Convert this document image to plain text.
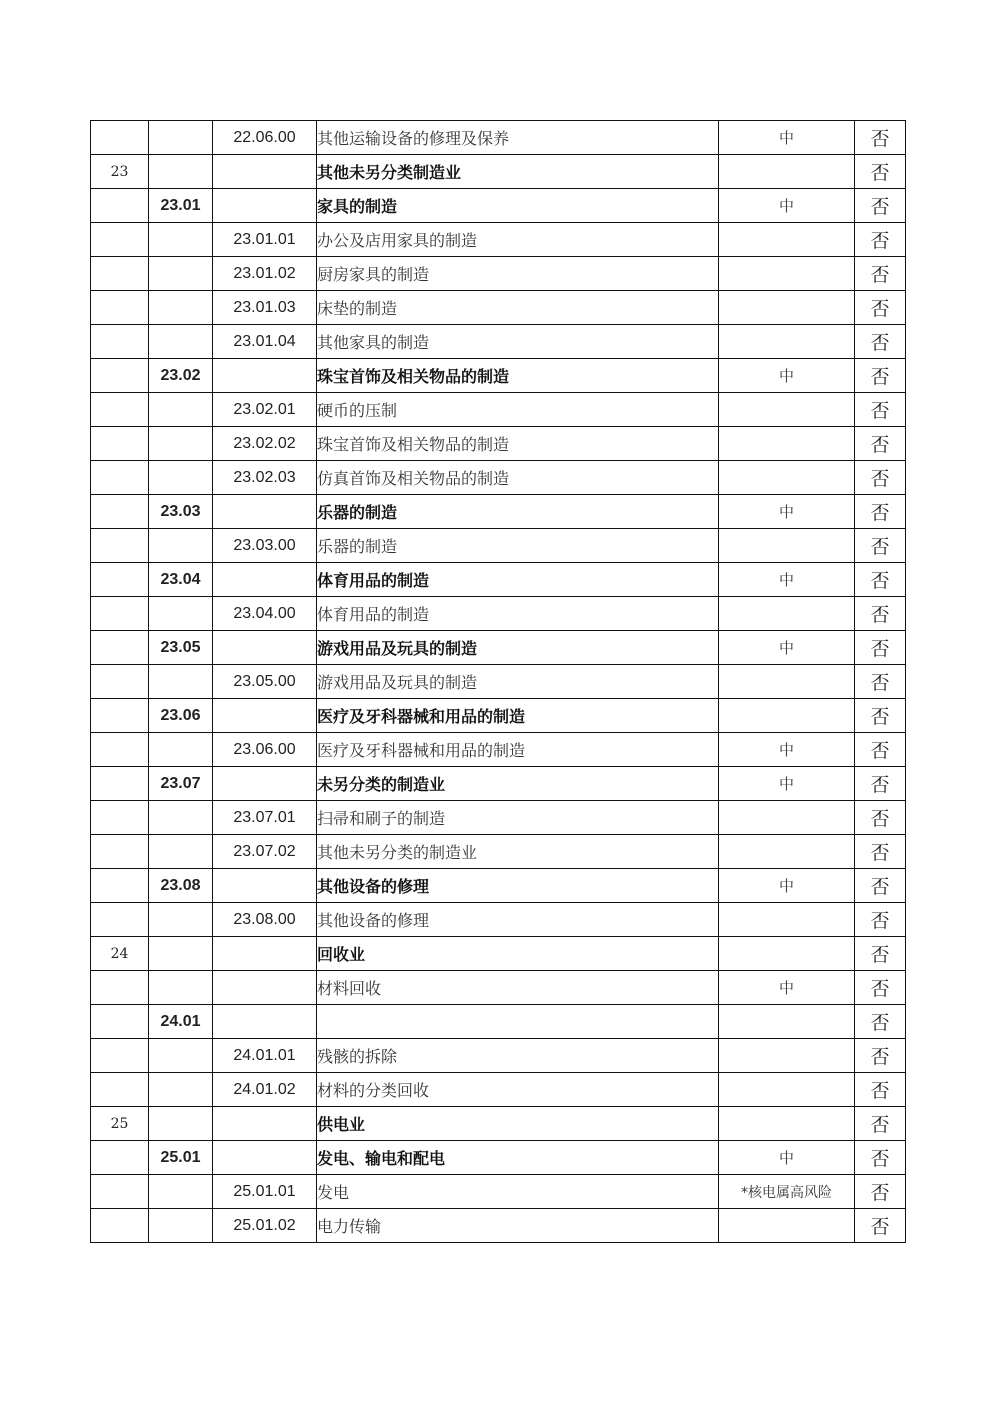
		22.06.00	其他运输设备的修理及保养	中	否
23			其他未另分类制造业		否
	23.01		家具的制造	中	否
		23.01.01	办公及店用家具的制造		否
		23.01.02	厨房家具的制造		否
		23.01.03	床垫的制造		否
		23.01.04	其他家具的制造		否
	23.02		珠宝首饰及相关物品的制造	中	否
		23.02.01	硬币的压制		否
		23.02.02	珠宝首饰及相关物品的制造		否
		23.02.03	仿真首饰及相关物品的制造		否
	23.03		乐器的制造	中	否
		23.03.00	乐器的制造		否
	23.04		体育用品的制造	中	否
		23.04.00	体育用品的制造		否
	23.05		游戏用品及玩具的制造	中	否
		23.05.00	游戏用品及玩具的制造		否
	23.06		医疗及牙科器械和用品的制造		否
		23.06.00	医疗及牙科器械和用品的制造	中	否
	23.07		未另分类的制造业	中	否
		23.07.01	扫帚和刷子的制造		否
		23.07.02	其他未另分类的制造业		否
	23.08		其他设备的修理	中	否
		23.08.00	其他设备的修理		否
24			回收业		否
			材料回收	中	否
	24.01				否
		24.01.01	残骸的拆除		否
		24.01.02	材料的分类回收		否
25			供电业		否
	25.01		发电、输电和配电	中	否
		25.01.01	发电	*核电属高风险	否
		25.01.02	电力传输		否
